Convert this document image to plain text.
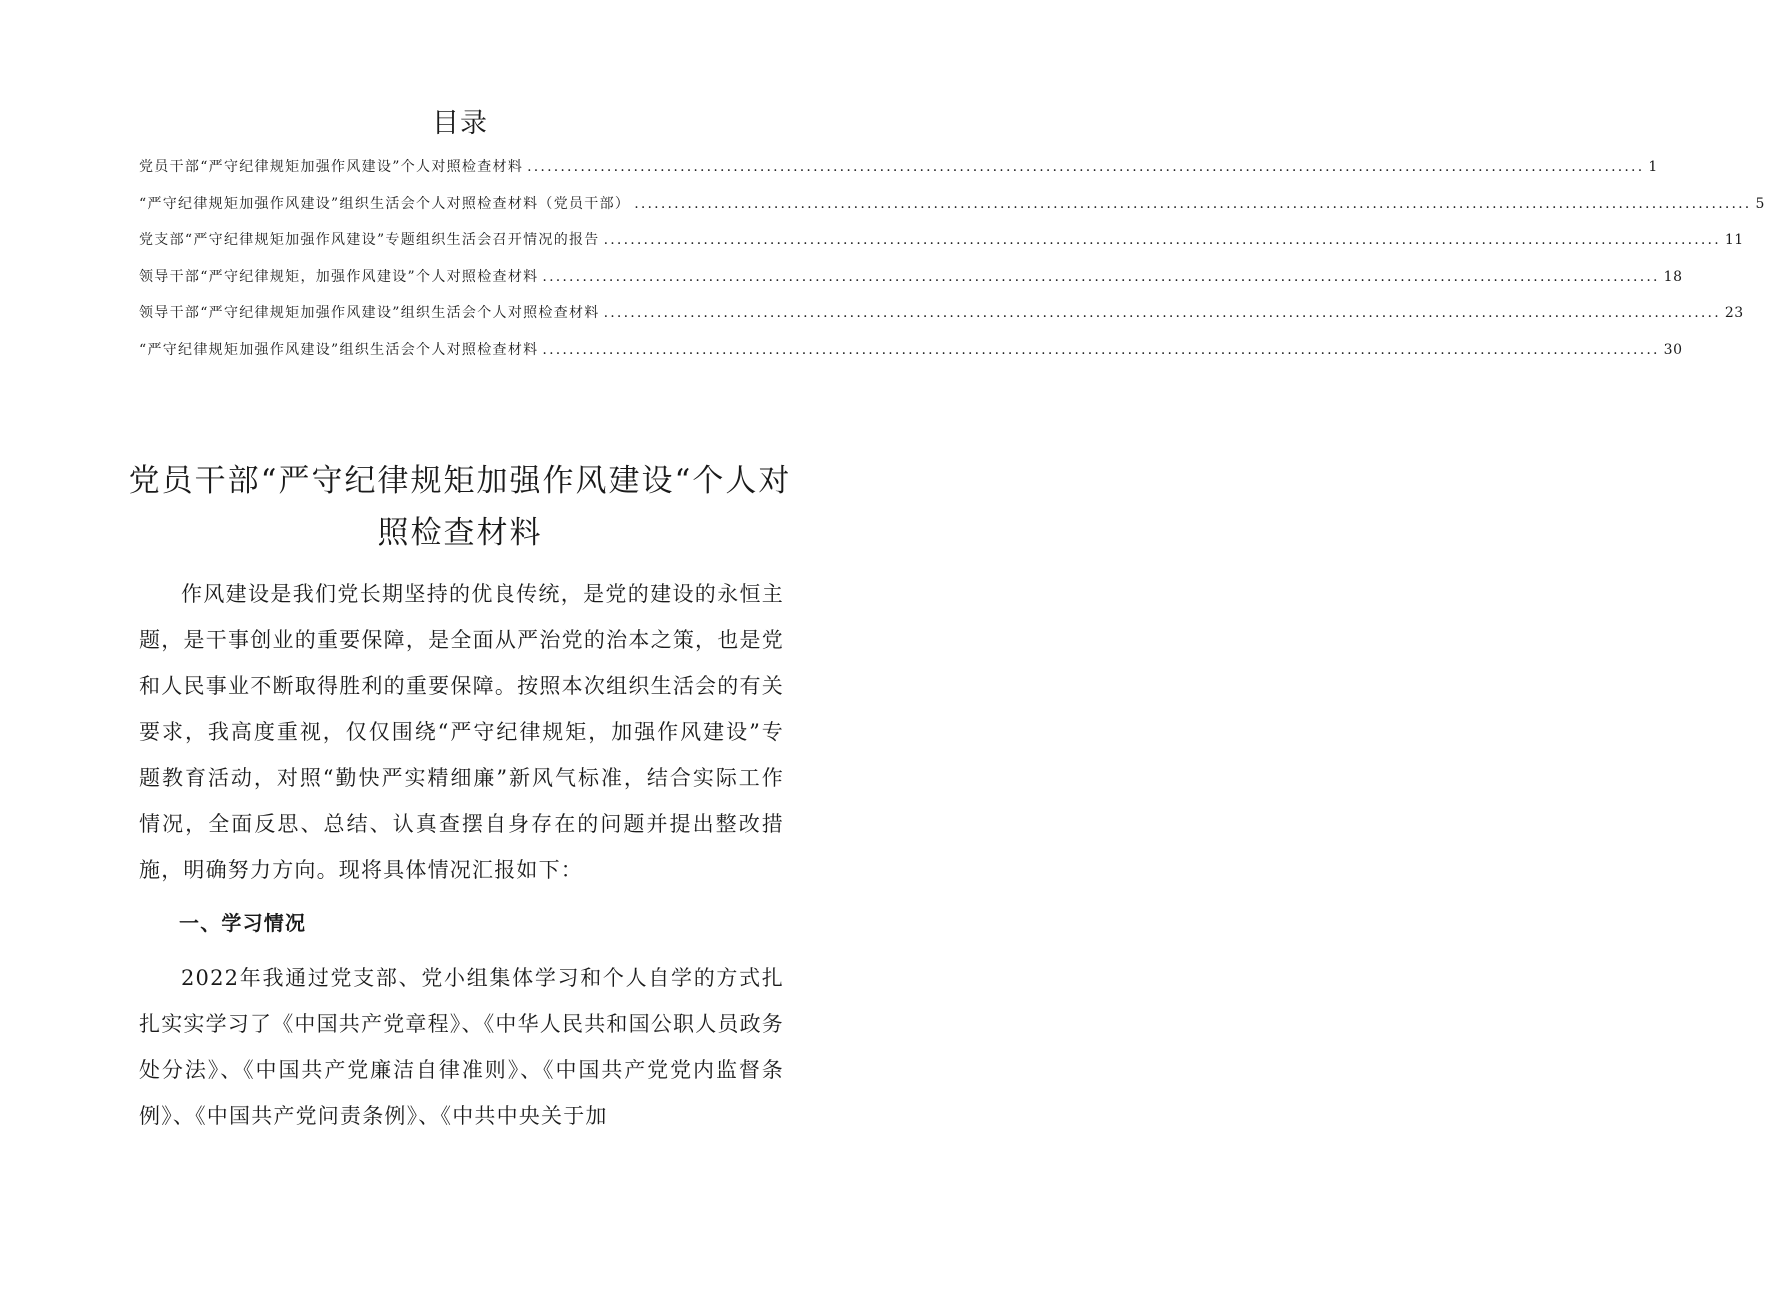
目录
党员干部“严守纪律规矩加强作风建设”个人对照检查材料 .....	1
“严守纪律规矩加强作风建设”组织生活会个人对照检查材料（党员干部） .....	5
党支部“严守纪律规矩加强作风建设”专题组织生活会召开情况的报告 .....	11
领导干部“严守纪律规矩，加强作风建设”个人对照检查材料 .....	18
领导干部“严守纪律规矩加强作风建设”组织生活会个人对照检查材料 .....	23
“严守纪律规矩加强作风建设”组织生活会个人对照检查材料 .....	30
党员干部“严守纪律规矩加强作风建设“个人对照检查材料

作风建设是我们党长期坚持的优良传统，是党的建设的永恒主题，是干事创业的重要保障，是全面从严治党的治本之策，也是党和人民事业不断取得胜利的重要保障。按照本次组织生活会的有关要求，我高度重视，仅仅围绕“严守纪律规矩，加强作风建设”专题教育活动，对照“勤快严实精细廉”新风气标准，结合实际工作情况，全面反思、总结、认真查摆自身存在的问题并提出整改措施，明确努力方向。现将具体情况汇报如下：

一、学习情况

2022年我通过党支部、党小组集体学习和个人自学的方式扎扎实实学习了《中国共产党章程》、《中华人民共和国公职人员政务处分法》、《中国共产党廉洁自律准则》、《中国共产党党内监督条例》、《中国共产党问责条例》、《中共中央关于加
